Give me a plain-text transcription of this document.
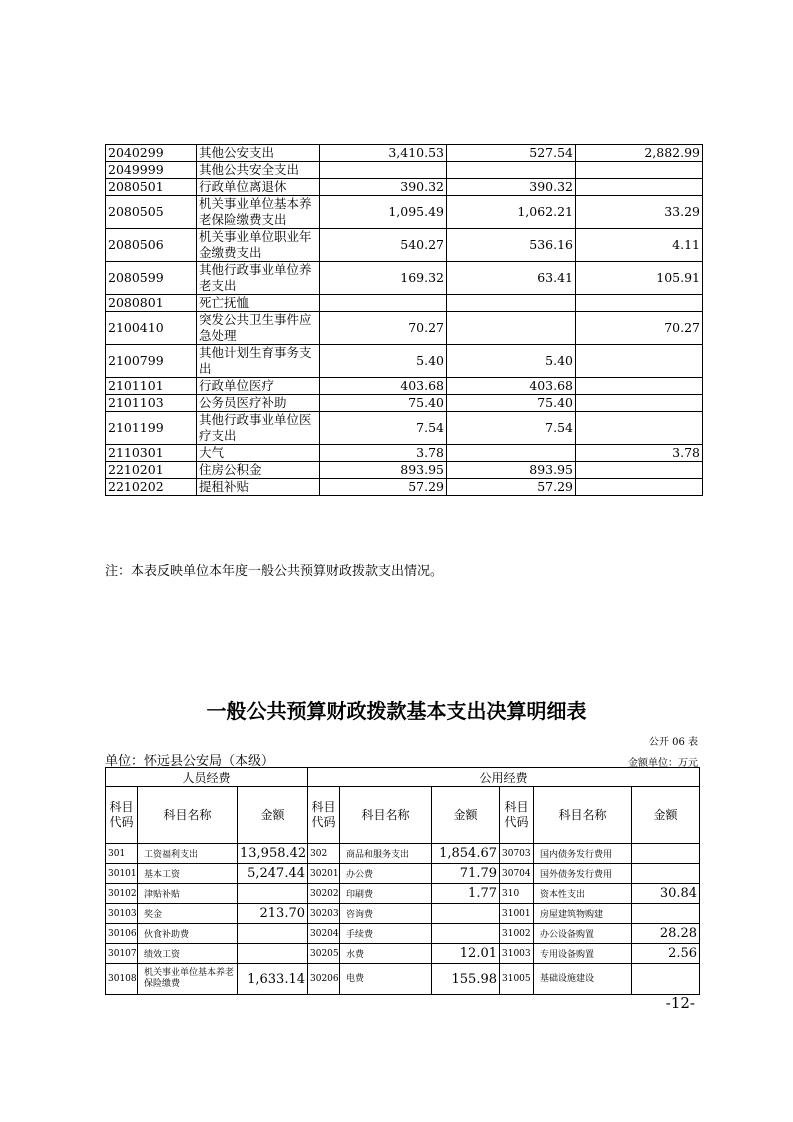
2040299	其他公安支出	3,410.53	527.54	2,882.99
2049999	其他公共安全支出			
2080501	行政单位离退休	390.32	390.32	
2080505	机关事业单位基本养老保险缴费支出	1,095.49	1,062.21	33.29
2080506	机关事业单位职业年金缴费支出	540.27	536.16	4.11
2080599	其他行政事业单位养老支出	169.32	63.41	105.91
2080801	死亡抚恤			
2100410	突发公共卫生事件应急处理	70.27		70.27
2100799	其他计划生育事务支出	5.40	5.40	
2101101	行政单位医疗	403.68	403.68	
2101103	公务员医疗补助	75.40	75.40	
2101199	其他行政事业单位医疗支出	7.54	7.54	
2110301	大气	3.78		3.78
2210201	住房公积金	893.95	893.95	
2210202	提租补贴	57.29	57.29	
注：本表反映单位本年度一般公共预算财政拨款支出情况。
一般公共预算财政拨款基本支出决算明细表
公开 06 表
单位：怀远县公安局（本级）	金额单位：万元
人员经费			公用经费					
科目代码	科目名称	金额	科目代码	科目名称	金额	科目代码	科目名称	金额
301	工资福利支出	13,958.42	302	商品和服务支出	1,854.67	30703	国内债务发行费用	
30101	基本工资	5,247.44	30201	办公费	71.79	30704	国外债务发行费用	
30102	津贴补贴		30202	印刷费	1.77	310	资本性支出	30.84
30103	奖金	213.70	30203	咨询费		31001	房屋建筑物购建	
30106	伙食补助费		30204	手续费		31002	办公设备购置	28.28
30107	绩效工资		30205	水费	12.01	31003	专用设备购置	2.56
30108	机关事业单位基本养老保险缴费	1,633.14	30206	电费	155.98	31005	基础设施建设	
-12-
